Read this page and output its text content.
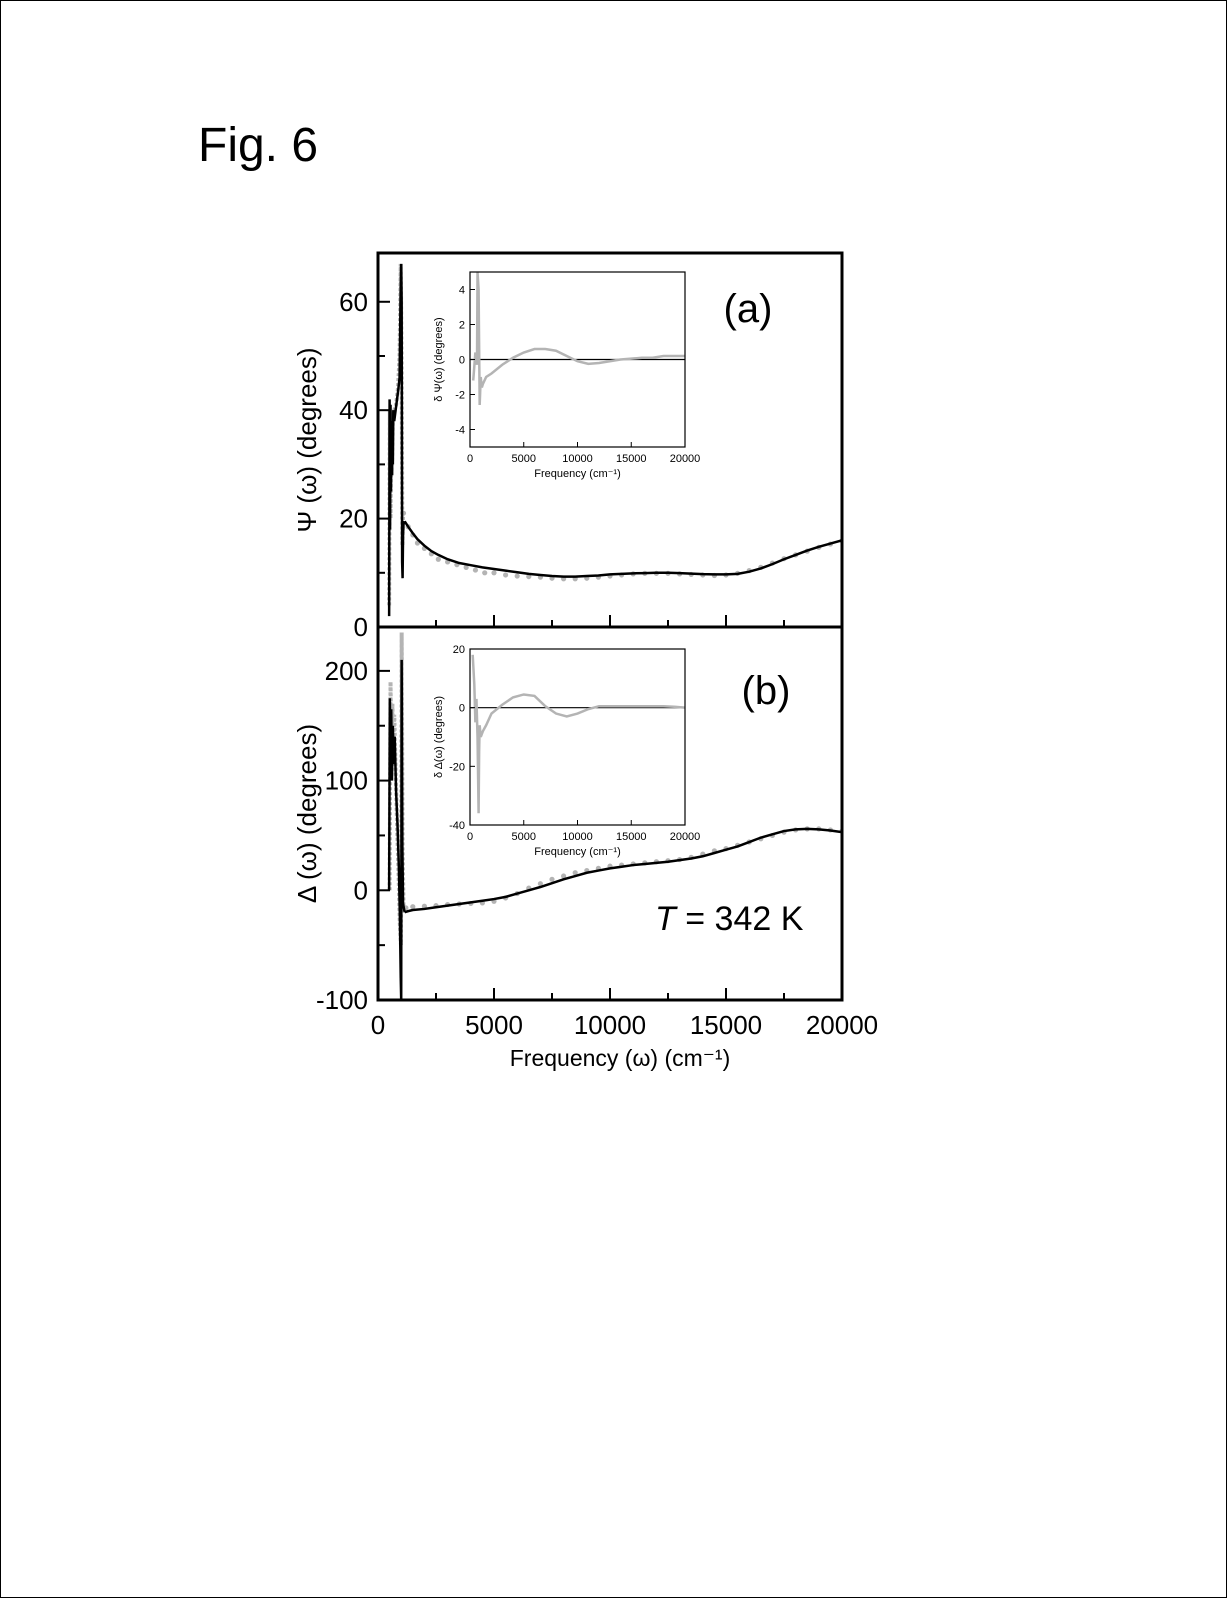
Fig. 6
0
20
40
60
Ψ (ω) (degrees)
-100
0
100
200
0	5000 10000 15000 20000
Δ (ω) (degrees)
Frequency (ω) (cm⁻¹)
-4
-2
0
2
4
0	5000 10000 15000 20000
Frequency (cm⁻¹)
δ Ψ(ω) (degrees)
-40
-20
0
20
0	5000 10000 15000 20000
Frequency (cm⁻¹)
δ Δ(ω) (degrees)
(a)
(b)
T = 342 K
